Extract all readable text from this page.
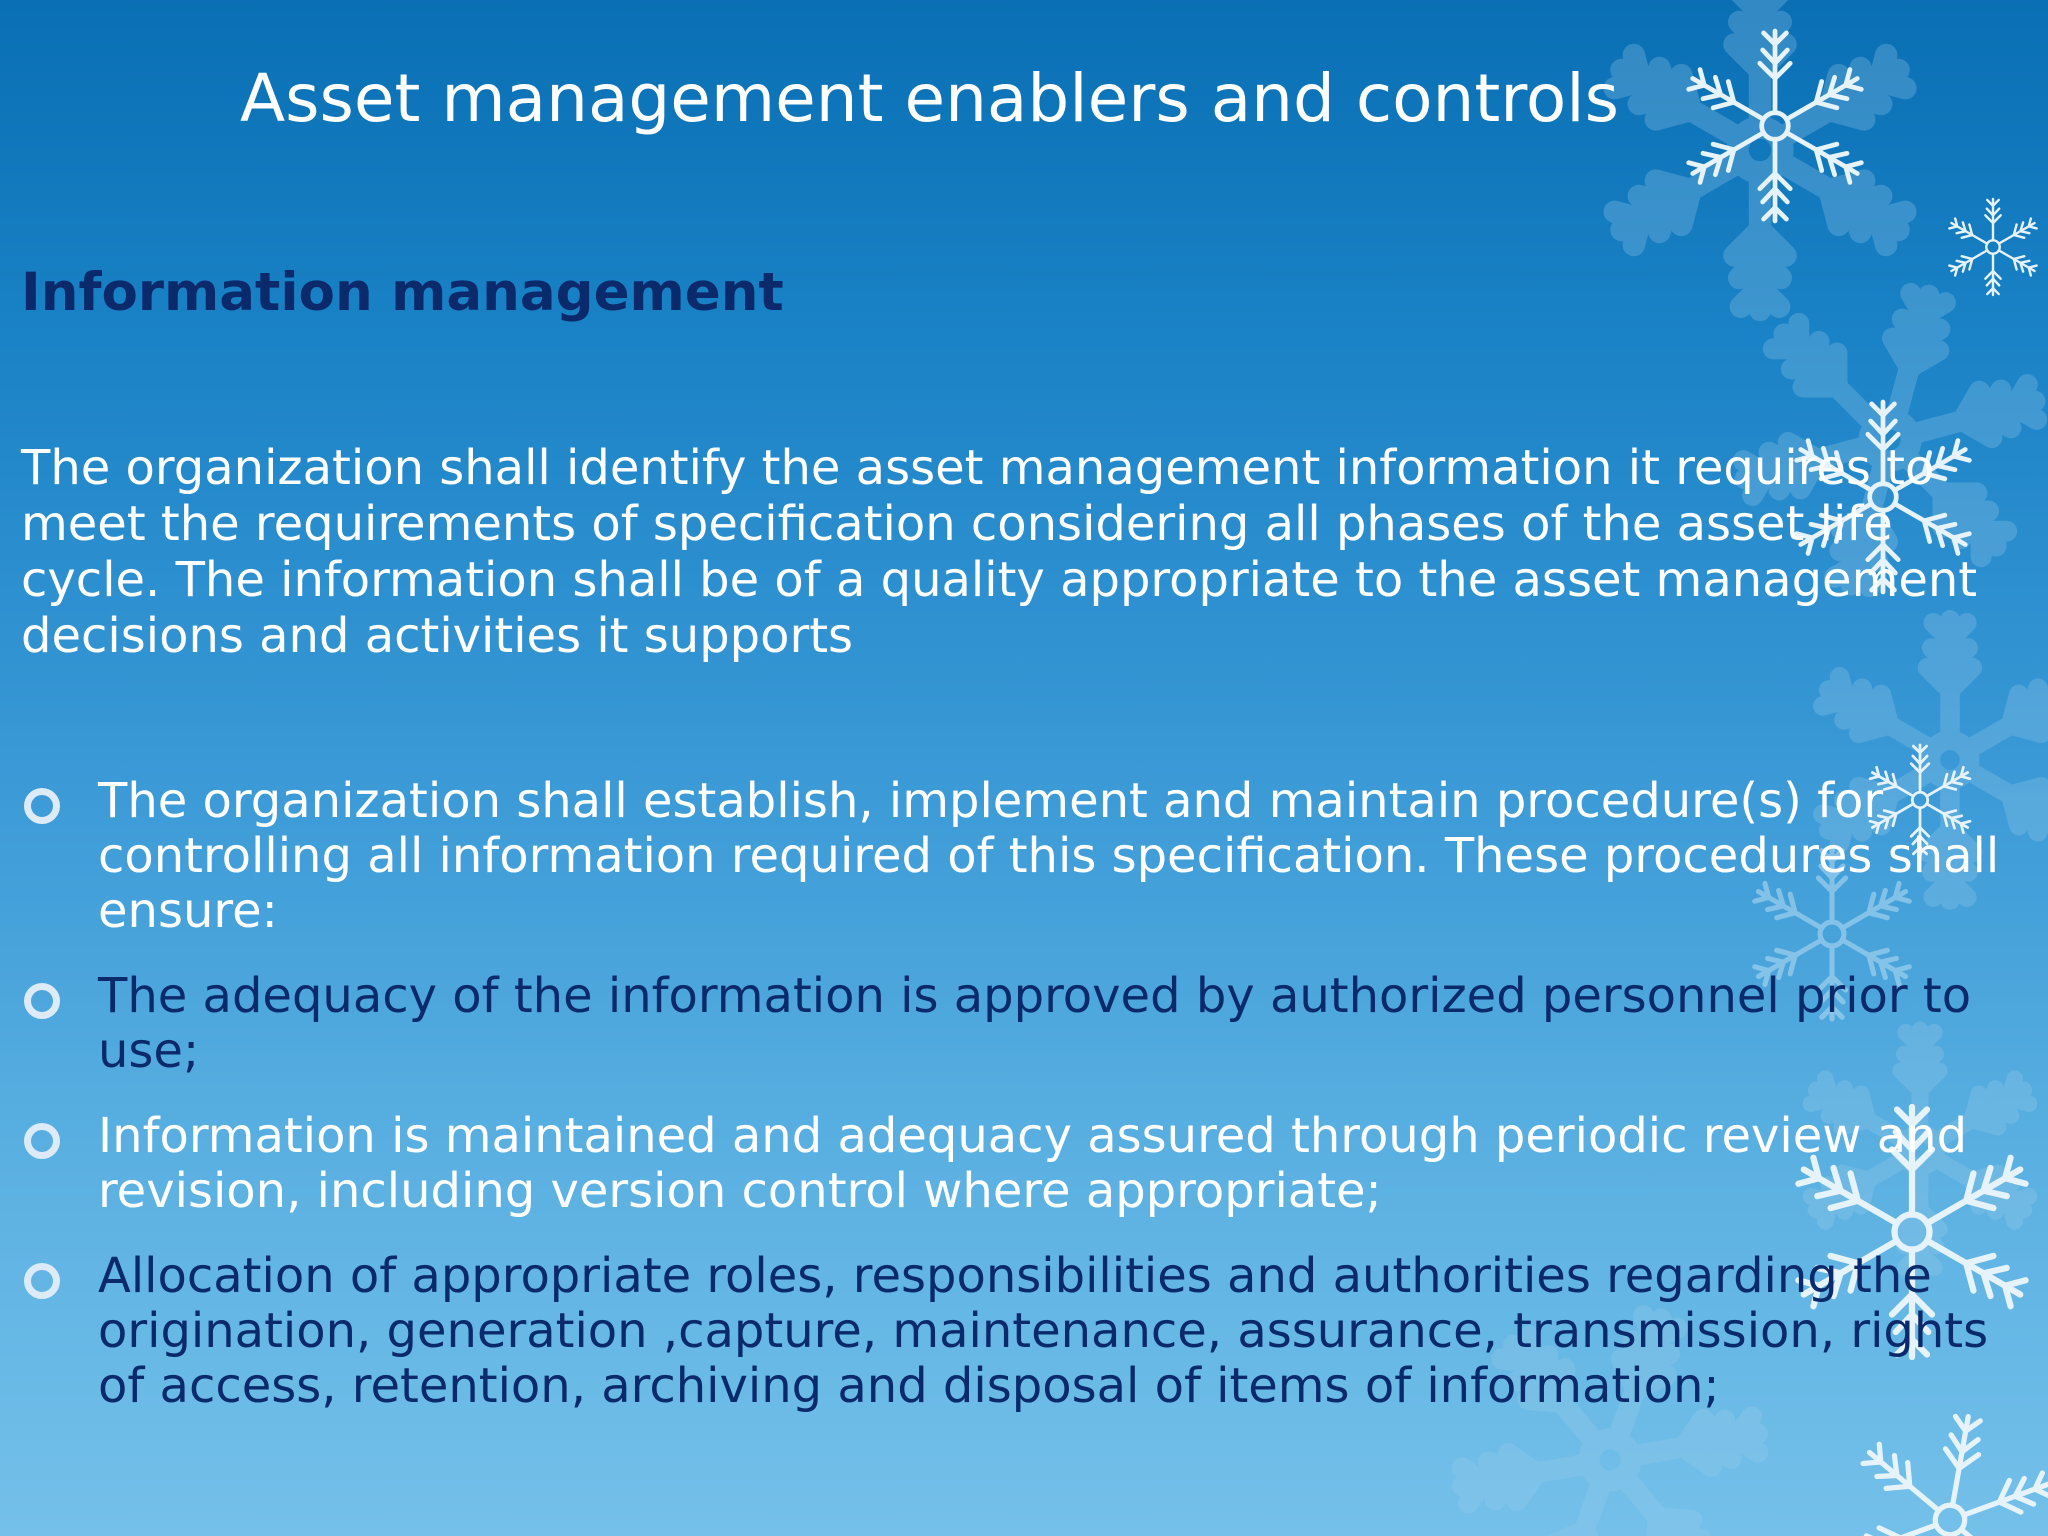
Asset management enablers and controls
Information management

The organization shall identify the asset management information it requires to meet the requirements of specification considering all phases of the asset life cycle. The information shall be of a quality appropriate to the asset management decisions and activities it supports

The organization shall establish, implement and maintain procedure(s) for controlling all information required of this specification. These procedures shall ensure:
The adequacy of the information is approved by authorized personnel prior to use;
Information is maintained and adequacy assured through periodic review and revision, including version control where appropriate;
Allocation of appropriate roles, responsibilities and authorities regarding the origination, generation ,capture, maintenance, assurance, transmission, rights of access, retention, archiving and disposal of items of information;
